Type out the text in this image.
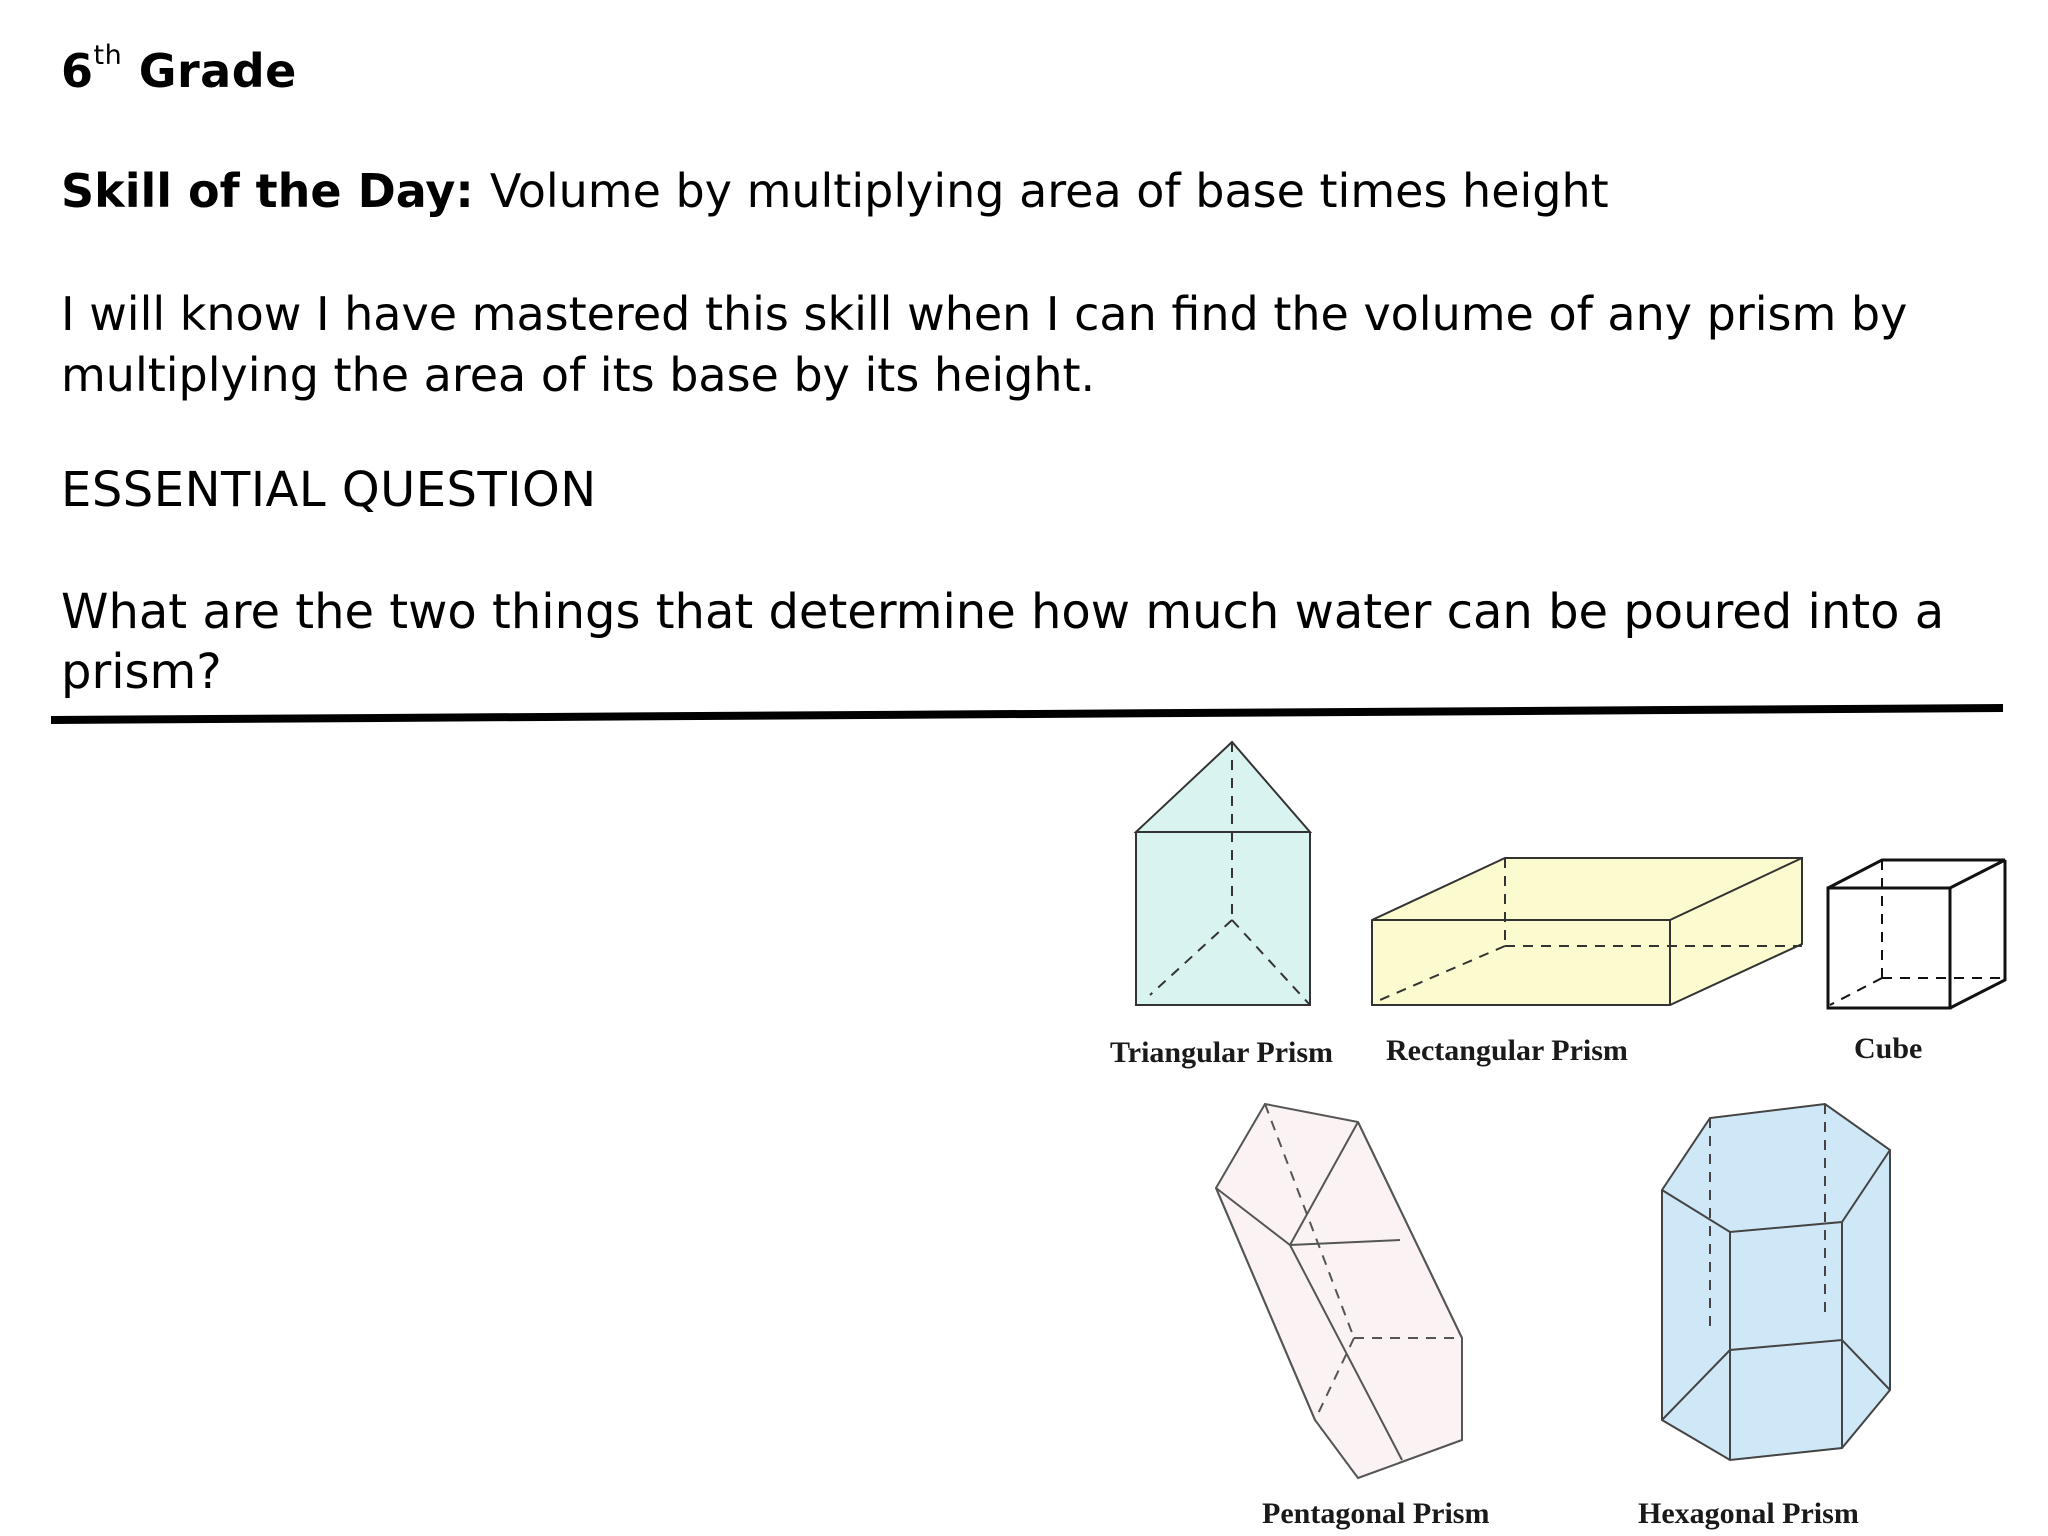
6th Grade
Skill of the Day: Volume by multiplying area of base times height

I will know I have mastered this skill when I can find the volume of any prism by multiplying the area of its base by its height.

ESSENTIAL QUESTION

What are the two things that determine how much water can be poured into a prism?

Triangular Prism Rectangular Prism	Cube
Pentagonal Prism	Hexagonal Prism
